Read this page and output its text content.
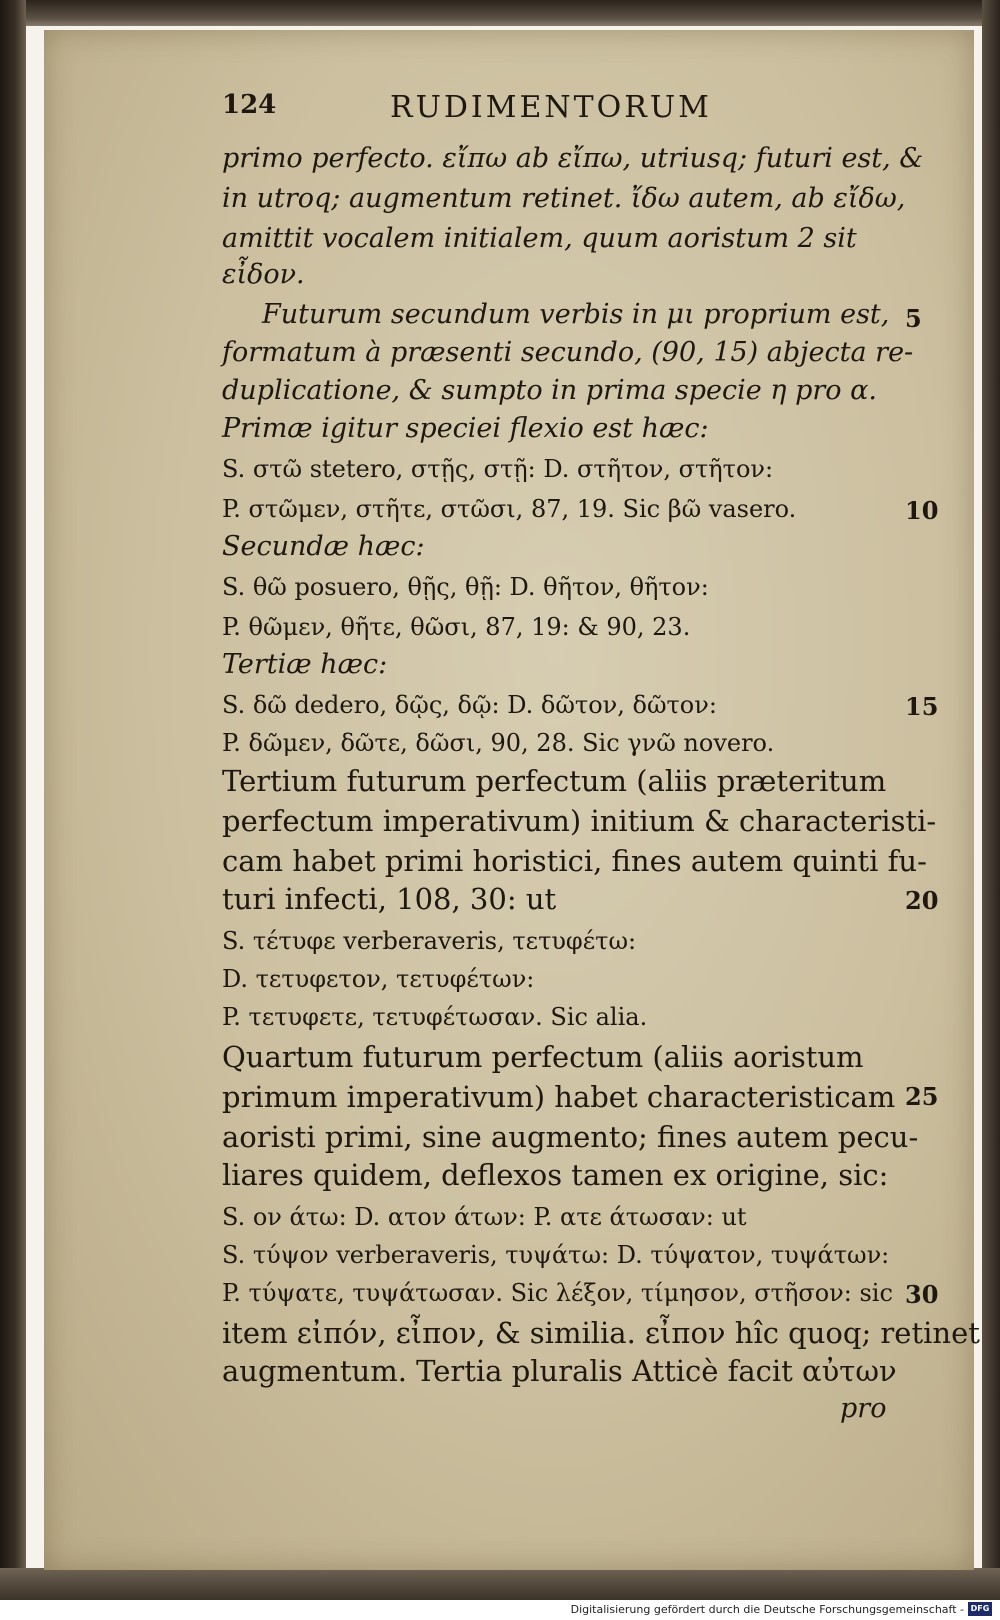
124	RUDIMENTORUM
primo perfecto. εἴπω ab εἴπω, utriusq; futuri est, &
in utroq; augmentum retinet. ἴδω autem, ab εἴδω,
amittit vocalem initialem, quum aoristum 2 sit
εἶδον.
Futurum secundum verbis in μι proprium est,
formatum à præsenti secundo, (90, 15) abjecta re-
duplicatione, & sumpto in prima specie η pro α.
Primæ igitur speciei flexio est hæc:
S. στῶ stetero, στῇς, στῇ: D. στῆτον, στῆτον:
P. στῶμεν, στῆτε, στῶσι, 87, 19. Sic βῶ vasero.
Secundæ hæc:
S. θῶ posuero, θῇς, θῇ: D. θῆτον, θῆτον:
P. θῶμεν, θῆτε, θῶσι, 87, 19: & 90, 23.
Tertiæ hæc:
S. δῶ dedero, δῷς, δῷ: D. δῶτον, δῶτον:
P. δῶμεν, δῶτε, δῶσι, 90, 28. Sic γνῶ novero.
Tertium futurum perfectum (aliis præteritum
perfectum imperativum) initium & characteristi-
cam habet primi horistici, fines autem quinti fu-
turi infecti, 108, 30: ut
S. τέτυφε verberaveris, τετυφέτω:
D. τετυφετον, τετυφέτων:
P. τετυφετε, τετυφέτωσαν. Sic alia.
Quartum futurum perfectum (aliis aoristum
primum imperativum) habet characteristicam
aoristi primi, sine augmento; fines autem pecu-
liares quidem, deflexos tamen ex origine, sic:
S. ον άτω: D. ατον άτων: P. ατε άτωσαν: ut
S. τύψον verberaveris, τυψάτω: D. τύψατον, τυψάτων:
P. τύψατε, τυψάτωσαν. Sic λέξον, τίμησον, στῆσον: sic
item εἰπόν, εἶπον, & similia. εἶπον hîc quoq; retinet
augmentum. Tertia pluralis Atticè facit αὐτων
pro
5
10
15
20
25
30
Digitalisierung gefördert durch die Deutsche Forschungsgemeinschaft - DFG
